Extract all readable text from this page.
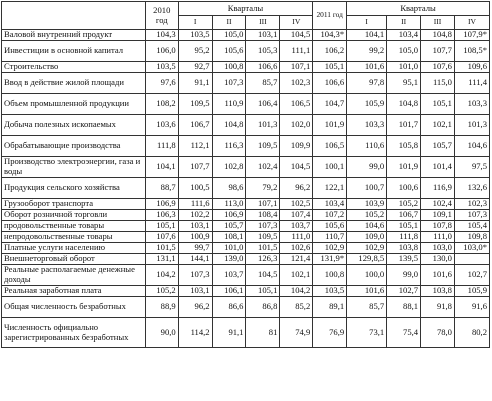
	2010 год	Кварталы				2011 год	Кварталы			
		I	II	III	IV		I	II	III	IV
Валовой внутренний продукт	104,3	103,5	105,0	103,1	104,5	104,3*	104,1	103,4	104,8	107,9*
Инвестиции в основной капитал	106,0	95,2	105,6	105,3	111,1	106,2	99,2	105,0	107,7	108,5*
Строительство	103,5	92,7	100,8	106,6	107,1	105,1	101,6	101,0	107,6	109,6
Ввод в действие жилой площади	97,6	91,1	107,3	85,7	102,3	106,6	97,8	95,1	115,0	111,4
Объем промышленной продукции	108,2	109,5	110,9	106,4	106,5	104,7	105,9	104,8	105,1	103,3
Добыча полезных ископаемых	103,6	106,7	104,8	101,3	102,0	101,9	103,3	101,7	102,1	101,3
Обрабатывающие производства	111,8	112,1	116,3	109,5	109,9	106,5	110,6	105,8	105,7	104,6
Производство электроэнергии, газа и воды	104,1	107,7	102,8	102,4	104,5	100,1	99,0	101,9	101,4	97,5
Продукция сельского хозяйства	88,7	100,5	98,6	79,2	96,2	122,1	100,7	100,6	116,9	132,6
Грузооборот транспорта	106,9	111,6	113,0	107,1	102,5	103,4	103,9	105,2	102,4	102,3
Оборот розничной торговли	106,3	102,2	106,9	108,4	107,4	107,2	105,2	106,7	109,1	107,3
продовольственные товары	105,1	103,1	105,7	107,3	103,7	105,6	104,6	105,1	107,8	105,4
непродовольственные товары	107,6	100,9	108,1	109,5	111,0	110,7	109,0	111,8	111,0	109,8
Платные услуги населению	101,5	99,7	101,0	101,5	102,6	102,9	102,9	103,8	103,0	103,0*
Внешнеторговый оборот	131,1	144,1	139,0	126,3	121,4	131,9*	129,8,5	139,5	130,0	
Реальные располагаемые денежные доходы	104,2	107,3	103,7	104,5	102,1	100,8	100,0	99,0	101,6	102,7
Реальная заработная плата	105,2	103,1	106,1	105,1	104,2	103,5	101,6	102,7	103,8	105,9
Общая численность безработных	88,9	96,2	86,6	86,8	85,2	89,1	85,7	88,1	91,8	91,6
Численность официально зарегистрированных безработных	90,0	114,2	91,1	81	74,9	76,9	73,1	75,4	78,0	80,2
